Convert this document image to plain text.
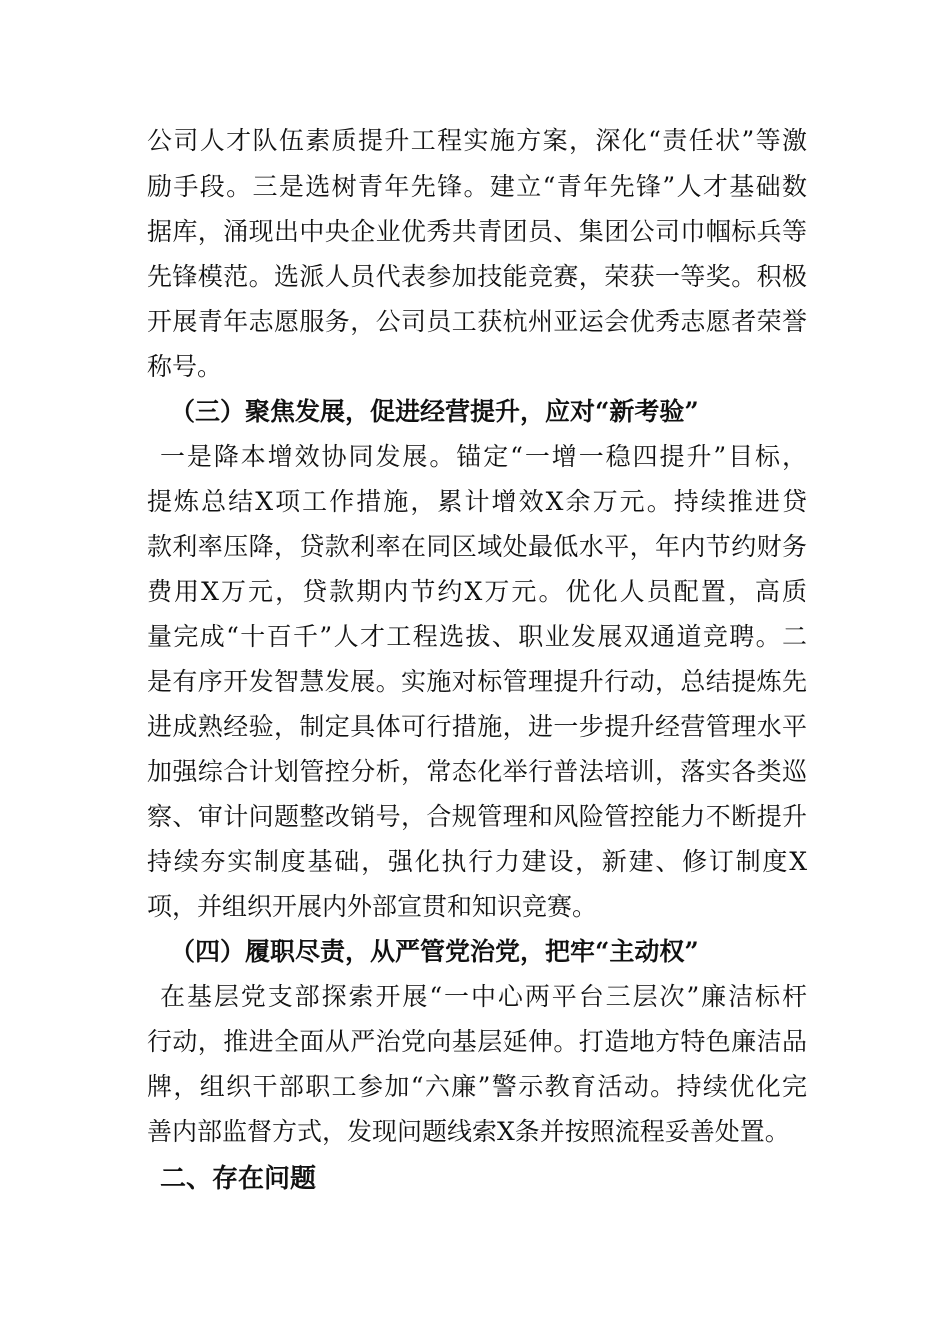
公司人才队伍素质提升工程实施方案，深化“责任状”等激
励手段。三是选树青年先锋。建立“青年先锋”人才基础数
据库，涌现出中央企业优秀共青团员、集团公司巾帼标兵等
先锋模范。选派人员代表参加技能竞赛，荣获一等奖。积极
开展青年志愿服务，公司员工获杭州亚运会优秀志愿者荣誉
称号。
（三）聚焦发展，促进经营提升，应对“新考验”
一是降本增效协同发展。锚定“一增一稳四提升”目标，
提炼总结X项工作措施，累计增效X余万元。持续推进贷
款利率压降，贷款利率在同区域处最低水平，年内节约财务
费用X万元，贷款期内节约X万元。优化人员配置，高质
量完成“十百千”人才工程选拔、职业发展双通道竞聘。二
是有序开发智慧发展。实施对标管理提升行动，总结提炼先
进成熟经验，制定具体可行措施，进一步提升经营管理水平
加强综合计划管控分析，常态化举行普法培训，落实各类巡
察、审计问题整改销号，合规管理和风险管控能力不断提升
持续夯实制度基础，强化执行力建设，新建、修订制度X
项，并组织开展内外部宣贯和知识竞赛。
（四）履职尽责，从严管党治党，把牢“主动权”
在基层党支部探索开展“一中心两平台三层次”廉洁标杆
行动，推进全面从严治党向基层延伸。打造地方特色廉洁品
牌，组织干部职工参加“六廉”警示教育活动。持续优化完
善内部监督方式，发现问题线索X条并按照流程妥善处置。
二、存在问题
